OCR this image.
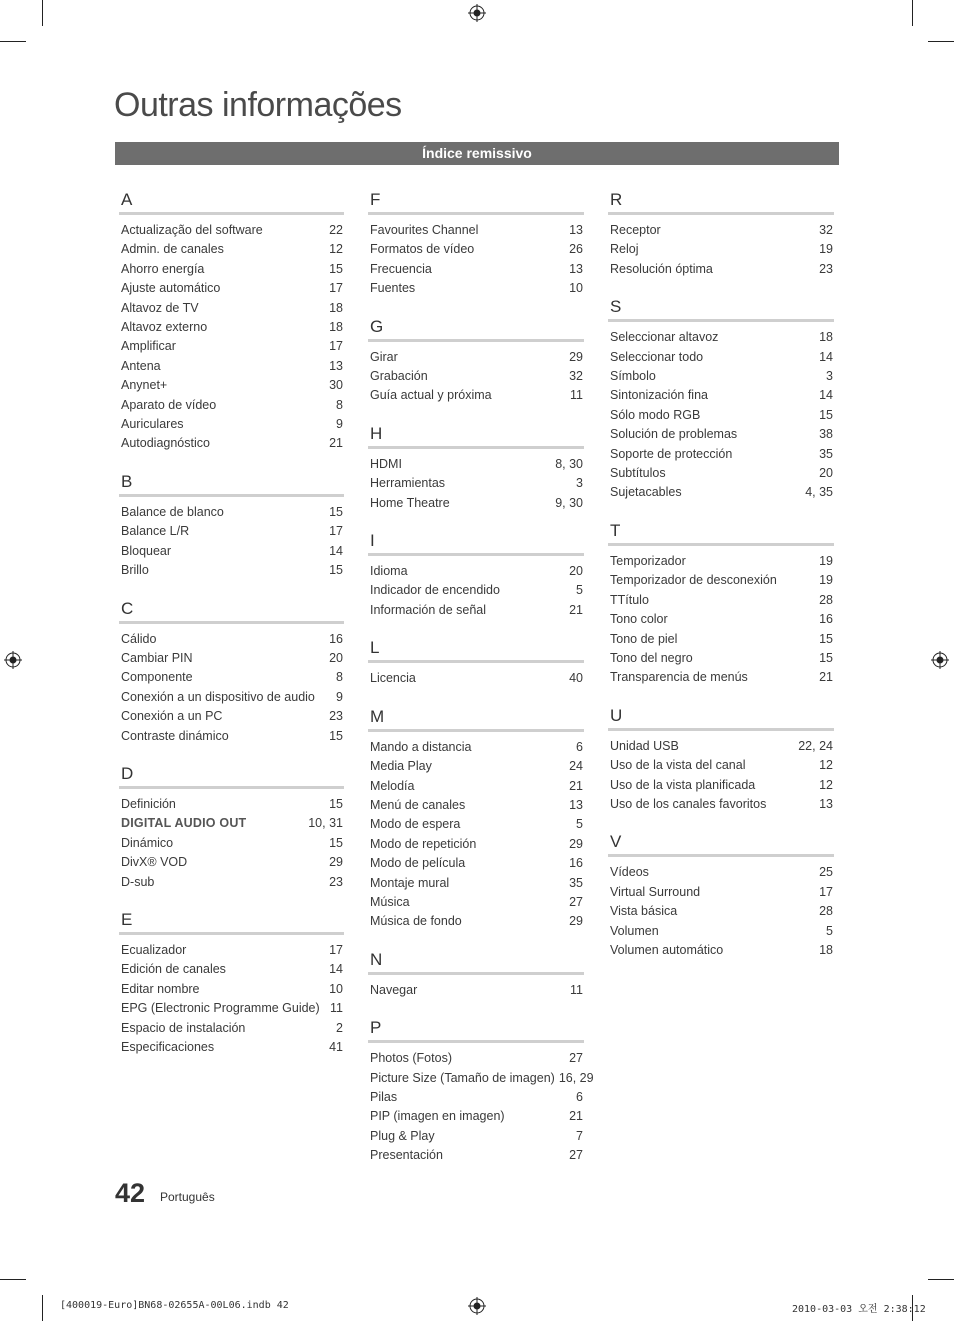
Outras informações
Índice remissivo
A
Actualização del software	22
Admin. de canales	12
Ahorro energía	15
Ajuste automático	17
Altavoz de TV	18
Altavoz externo	18
Amplificar	17
Antena	13
Anynet+	30
Aparato de vídeo	8
Auriculares	9
Autodiagnóstico	21
B
Balance de blanco	15
Balance L/R	17
Bloquear	14
Brillo	15
C
Cálido	16
Cambiar PIN	20
Componente	8
Conexión a un dispositivo de audio	9
Conexión a un PC	23
Contraste dinámico	15
D
Definición	15
DIGITAL AUDIO OUT	10, 31
Dinámico	15
DivX® VOD	29
D-sub	23
E
Ecualizador	17
Edición de canales	14
Editar nombre	10
EPG (Electronic Programme Guide) 11
Espacio de instalación	2
Especificaciones	41
F
Favourites Channel	13
Formatos de vídeo	26
Frecuencia	13
Fuentes	10
G
Girar	29
Grabación	32
Guía actual y próxima	11
H
HDMI	8, 30
Herramientas	3
Home Theatre	9, 30
I
Idioma	20
Indicador de encendido	5
Información de señal	21
L
Licencia	40
M
Mando a distancia	6
Media Play	24
Melodía	21
Menú de canales	13
Modo de espera	5
Modo de repetición	29
Modo de película	16
Montaje mural	35
Música	27
Música de fondo	29
N
Navegar	11
P
Photos (Fotos)	27
Picture Size (Tamaño de imagen) 16, 29
Pilas	6
PIP (imagen en imagen)	21
Plug & Play	7
Presentación	27
R
Receptor	32
Reloj	19
Resolución óptima	23
S
Seleccionar altavoz	18
Seleccionar todo	14
Símbolo	3
Sintonización fina	14
Sólo modo RGB	15
Solución de problemas	38
Soporte de protección	35
Subtítulos	20
Sujetacables	4, 35
T
Temporizador	19
Temporizador de desconexión	19
TTítulo	28
Tono color	16
Tono de piel	15
Tono del negro	15
Transparencia de menús	21
U
Unidad USB	22, 24
Uso de la vista del canal	12
Uso de la vista planificada	12
Uso de los canales favoritos	13
V
Vídeos	25
Virtual Surround	17
Vista básica	28
Volumen	5
Volumen automático	18
42 Português
[400019-Euro]BN68-02655A-00L06.indb 42	2010-03-03 오전 2:38:12
